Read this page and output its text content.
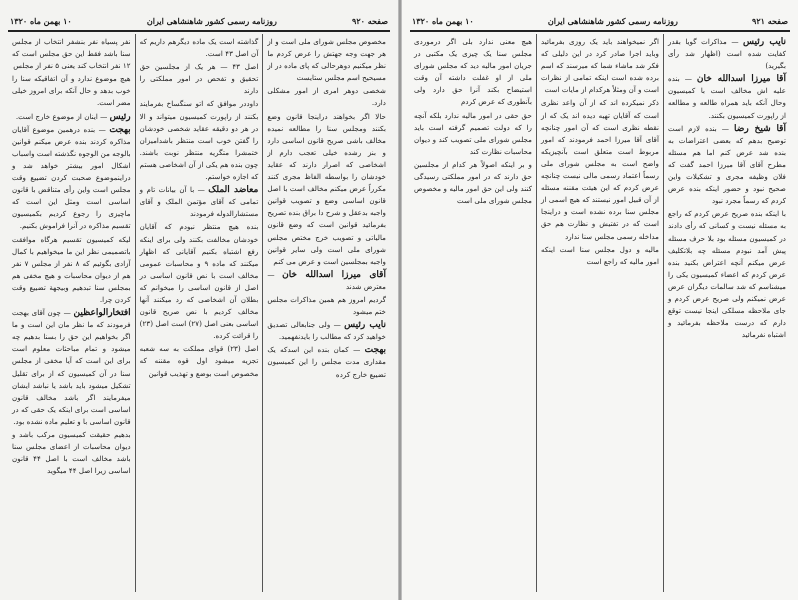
صفحه ۹۲۰
روزنامه رسمی کشور شاهنشاهی ایران
۱۰ بهمن ماه ۱۳۲۰

مخصوص مجلس شورای ملی است و از هر جهت وجه جهتش را عرض کردم ما نظر میکنیم دوهرحالی که پای ماده در از مسیحیح اسم مجلس ستایست

شخصی دوهر امری از امور مشکلی دارد.

حالا اگر بخواهند دراینجا قانون وضع بکنند ومجلس سنا را مطالعه نمیده مخالف باشی صریح قانون اساسی دارد و بنز رشده خیلی تعجب دارم از اشخاصی که اصرار دارند که عقاید خودشان را بواسطه الفاظ مجری کنند مکرراً عرض میکنم مخالف است با اصل قانون اساسی وضع و تصویب قوانین واجبه بدعقل و شرح دا براق بنده تصریح بفرمائید قوانین است که وضع قانون مالیاتی و تصویب خرج مختص مجلس شورای ملی است ولی سایر قوانین واجبه بمجلسین است و عرض می کنم

آقای میرزا اسدالله خان — معترض شدند

گردیم امروز هم همین مذاکرات مجلس ختم میشود

نایب رئیس — ولی جنابعالی تصدیق خواهید کرد که مطالب را بایدنفهمید.

بهجت — کمان بنده این اسدکه یک مقداری مدت مجلس را این کمیسیون تضییع خارج کرده

گذاشته است یک ماده دیگرهم داریم که آن اصل ۴۳ است.

اصل ۴۳ — هر یک از مجلسین حق تحقیق و تفحص در امور مملکتی را دارند

داوددر موافق که اتو سنگساخ بفرمایند بکنند از راپورت کمیسیون میتواند و الا در هر دو دقیقه عقاید شخصی خودشان را گفتن خوب است منتظر باشدامیزان ختمشرا متگریه منتظر نوبت باشند. چون بنده هم یکی از آن اشخاصی هستم که اجازه خواستم.

معاضد الملک — با آن بیانات تام و تمامی که آقای مؤتمن الملک و آقای مستشارالدوله فرمودند

بنده هیچ منتظر نبودم که آقایان خودشان مخالفت بکنند ولی برای اینکه رفع اشتباه بکنیم آقایانی که اظهار میکنند که ماده ۹ و محاسبات عمومی مخالف است با نص قانون اساسی در اصل از قانون اساسی را میخوانم که بطلان آن اشخاصی که رد میکنند آنها مخالف کردیم با نص صریح قانون اساسی بعنی اصل (۲۷) است اصل (۲۳) را قرائت کرده.

اصل (۲۳) قوای مملکت به سه شعبه تجزیه میشود اول قوه مقننه که مخصوص است بوضع و تهذیب قوانین

نفر پسیاه نفر بنشفر انتخاب از مجلس سنا باشد فقط این حق مجلس است که ۱۲ نفر انتخاب کند یعنی ۵ نفر از مجلس

هیچ موضوع ندارد و آن اتفاقیکه سنا را خوب بدهد و حال آنکه برای امروز خیلی مضر است.

رئیس — اینان از موضوع خارج است.

بهجت — بنده درهمین موضوع آقایان مذاکره کردند بنده عرض میکنم قوانین بالوجه من الوجوه نگذشته است واسباب اشکال امور بیشتر خواهد شد و دراینموضوع صحبت کردن تضییع وقت مجلس است واین رأی متناقض با قانون اساسی است ومثل این است که ماچیزی را رجوع کردیم بکمیسیون تقسیم مذاکره در آنرا فراموش بکنیم.

لیکه کمیسیون تقسیم هرگاه موافقت باتصمیمی نظر این ما میخواهیم با کمال آزادی بگوئیم که ۸ نفر از مجلس ۷ نفر هم از دیوان محاسبات و هیچ مخفی هم بمجلس سنا تبدهیم وبیجهة تضییع وقت کردن چرا.

افتخارالواعظین — چون آقای بهجت فرمودند که ما نظر مان این است و ما اگر بخواهیم این حق را بسنا بدهیم چه میشود و تمام مباحثات معلوم است برای این است که آیا مخفی از مجلس سنا در آن کمیسیون که از برای تقلیل تشکیل میشود باید باشد یا نباشد ایشان میفرمایند اگر باشد مخالف قانون اساسی است برای اینکه یک حقی که در قانون اساسی با و تعلیم ماده نشده بود.

بدهیم حقیقت کمیسیون مرکب باشد و دیوان محاسبات از اعضای مجلس سنا باشد مخالف است با اصل ۴۴ قانون اساسی زیرا اصل ۴۴ میگوید

صفحه ۹۲۱
روزنامه رسمی کشور شاهنشاهی ایران
۱۰ بهمن ماه ۱۳۲۰

نایب رئیس — مذاکرات گویا بقدر کفایت شده است (اظهار شد رأی بگیرید)

آقا میرزا اسدالله خان — بنده علیه اش مخالف است با کمیسیون وحال آنکه باید همراه طالعه و مطالعه از راپورت کمیسیون بکنند.

آقا شیخ رضا — بنده لازم است توضیح بدهم که بعضی اعتراضات به بنده شد عرض کنم اما هم مسئله مطرح آقای آقا میرزا احمد گفت که فلان وظیفه مجری و تشکیلات واین صحیح نبود و حضور اینکه بنده عرض کردم که رسماً مجرد نبود

با اینکه بنده صریح عرض کردم که راجع به مسئله نیست و کسانی که رأی دادند در کمیسیون مسئله بود بلا حرف مسئله پیش آمد نبودم مسئله چه بلاتکلیف عرض میکنم آنچه اعتراض بکنید بنده عرض کردم که اعضاء کمیسیون یکی را میشناسم که شد سالمات دیگران عرض عرض نمیکنم ولی صریح عرض کردم و جای ملاحظه مسلکی اینجا نیست توقع دارم که درست ملاحظه بفرمائید و اشتباه نفرمائید

اگر نمیخواهند باید یک روزی بفرمائید وباید اجرا صادر کرد در این دلیلی که فکر شد ماشاء شما که میرسند که اسم برده شده است اینکه تمامی از نظرات است و آن ومثلاً هرکدام از مایات است

ذکر نمیکرده اند که از آن واعد نظری است که آقایان تهیه دیده اند یک که از نقطه نظری است که آن امور چنانچه آقای آقا میرزا احمد فرمودند که امور مربوط است متعلق است بآنچیزیکه واضح است به مجلس شورای ملی رسماً اعتماد رسمی مالی نیست چنانچه عرض کردم که این هیئت مقننه مسئله از آن قبیل امور نیستند که هیچ اسمی از مجلس سنا برده نشده است و دراینجا است که در تفتیش و نظارت هم حق مداخله رسمی مجلس سنا ندارد

مالیه و دول مجلس سنا است اینکه امور مالیه که راجع است

هیچ معنی ندارد بلی اگر درموردی مجلس سنا یک چیزی یک مکتبی در جریان امور مالیه دید که مجلس شورای ملی از او غفلت داشته آن وقت استیضاح بکند آنرا حق دارد ولی بآنطوری که عرض کردم

حق حقی در امور مالیه ندارد بلکه آنچه را که دولت تصمیم گرفته است باید مجلس شورای ملی تصویب کند و دیوان محاسبات نظارت کند

و بر اینکه اصولاً هر کدام از مجلسین حق دارند که در امور مملکتی رسیدگی کنند ولی این حق امور مالیه و مخصوص مجلس شورای ملی است
